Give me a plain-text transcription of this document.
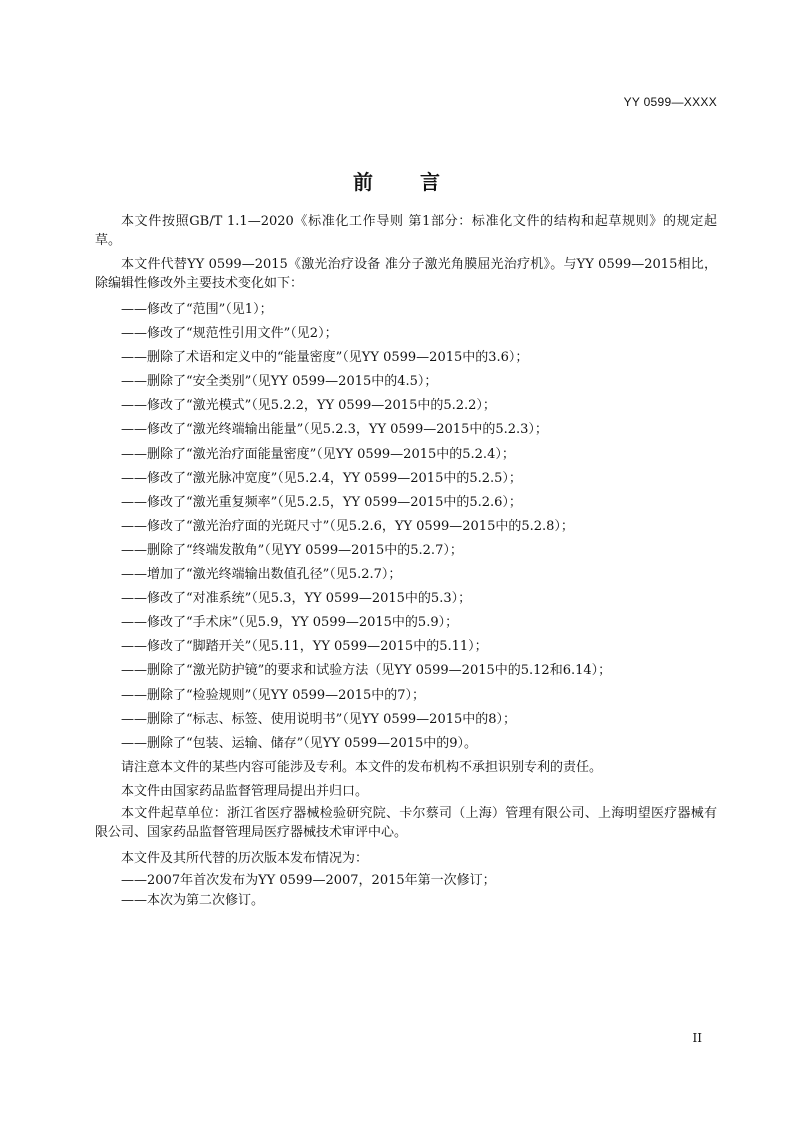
YY 0599—XXXX
前 言

本文件按照GB/T 1.1—2020《标准化工作导则 第1部分：标准化文件的结构和起草规则》的规定起草。

本文件代替YY 0599—2015《激光治疗设备 准分子激光角膜屈光治疗机》。与YY 0599—2015相比，除编辑性修改外主要技术变化如下：

——修改了“范围”（见1）；

——修改了“规范性引用文件”（见2）；

——删除了术语和定义中的“能量密度”（见YY 0599—2015中的3.6）；

——删除了“安全类别”（见YY 0599—2015中的4.5）；

——修改了“激光模式”（见5.2.2，YY 0599—2015中的5.2.2）；

——修改了“激光终端输出能量”（见5.2.3，YY 0599—2015中的5.2.3）；

——删除了“激光治疗面能量密度”（见YY 0599—2015中的5.2.4）；

——修改了“激光脉冲宽度”（见5.2.4，YY 0599—2015中的5.2.5）；

——修改了“激光重复频率”（见5.2.5，YY 0599—2015中的5.2.6）；

——修改了“激光治疗面的光斑尺寸”（见5.2.6，YY 0599—2015中的5.2.8）；

——删除了“终端发散角”（见YY 0599—2015中的5.2.7）；

——增加了“激光终端输出数值孔径”（见5.2.7）；

——修改了“对准系统”（见5.3，YY 0599—2015中的5.3）；

——修改了“手术床”（见5.9，YY 0599—2015中的5.9）；

——修改了“脚踏开关”（见5.11，YY 0599—2015中的5.11）；

——删除了“激光防护镜”的要求和试验方法（见YY 0599—2015中的5.12和6.14）；

——删除了“检验规则”（见YY 0599—2015中的7）；

——删除了“标志、标签、使用说明书”（见YY 0599—2015中的8）；

——删除了“包装、运输、储存”（见YY 0599—2015中的9）。

请注意本文件的某些内容可能涉及专利。本文件的发布机构不承担识别专利的责任。

本文件由国家药品监督管理局提出并归口。

本文件起草单位：浙江省医疗器械检验研究院、卡尔蔡司（上海）管理有限公司、上海明望医疗器械有限公司、国家药品监督管理局医疗器械技术审评中心。

本文件及其所代替的历次版本发布情况为：

——2007年首次发布为YY 0599—2007，2015年第一次修订；

——本次为第二次修订。

II
